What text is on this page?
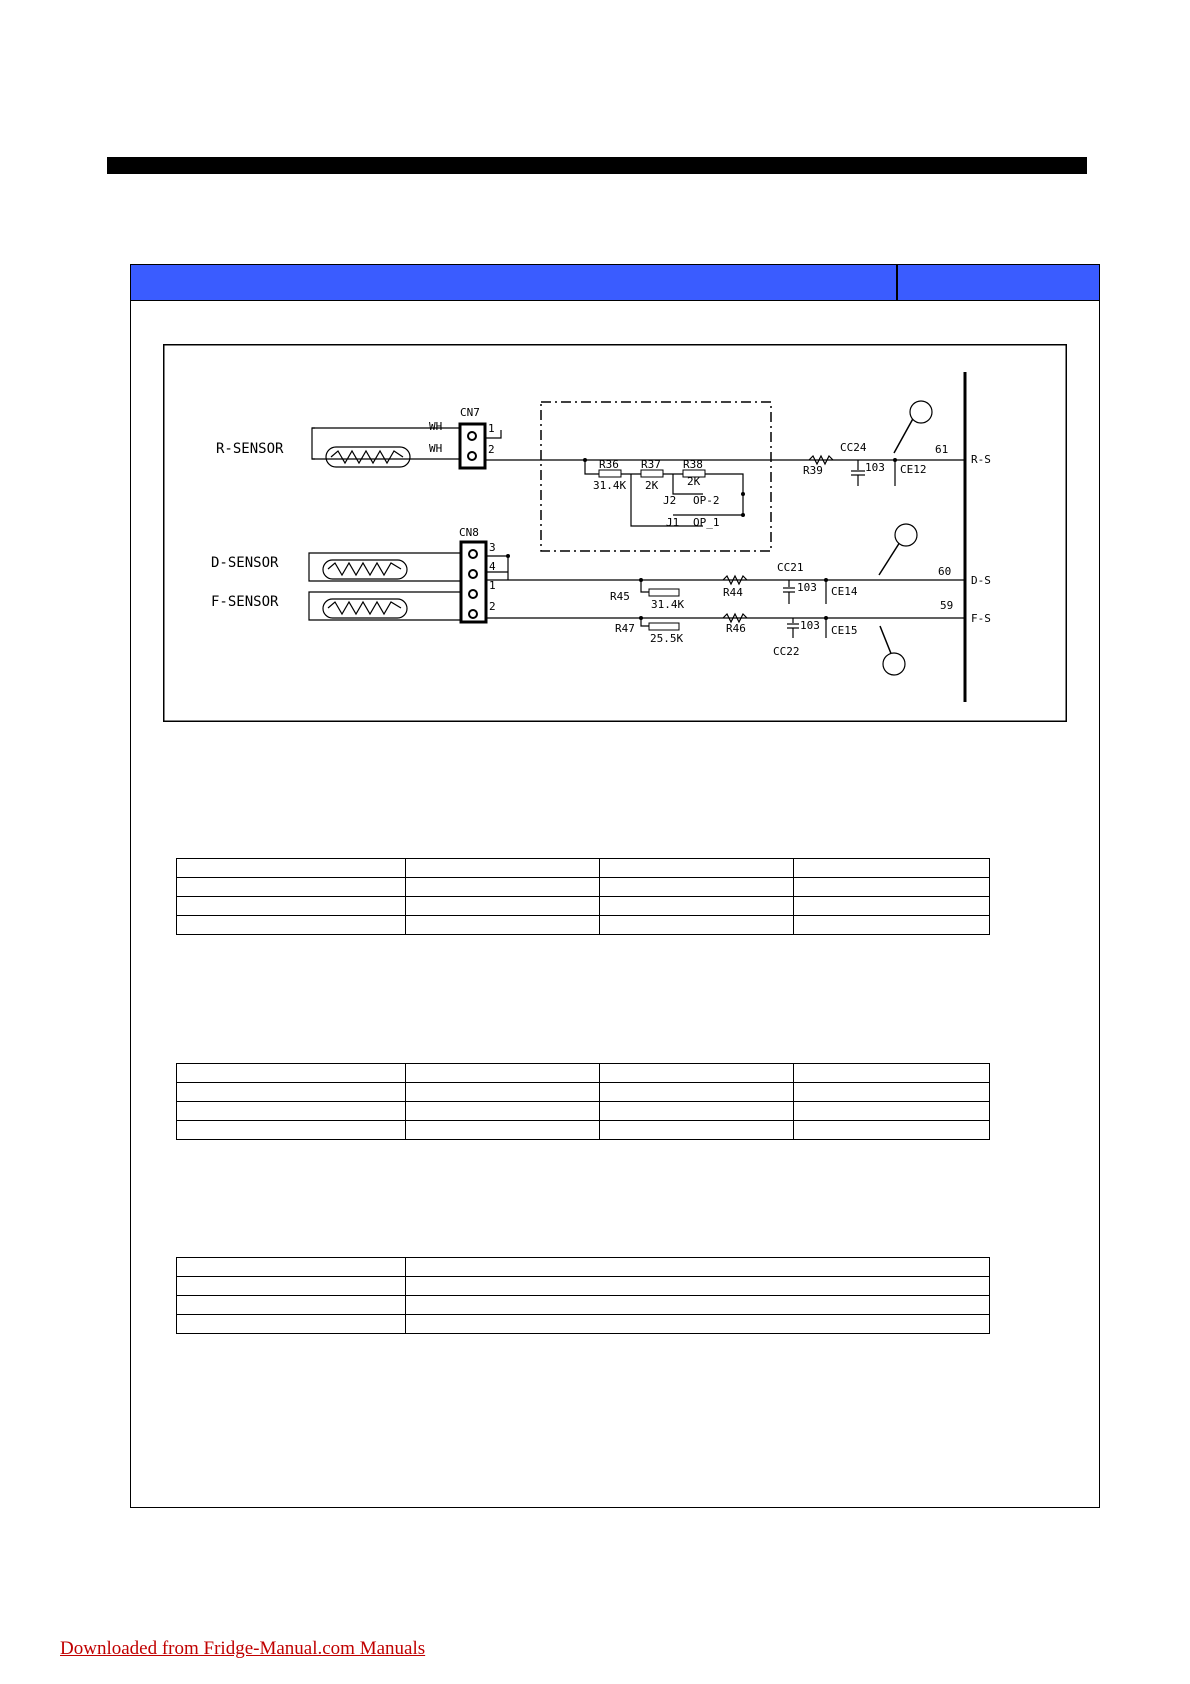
R-SENSOR
WH
WH
CN7
1
2
R36 R37 R38
31.4K 2K	2K
J2 OP-2
J1 OP_1
R39
CC24
103 CE12
61
R-S
D-SENSOR
F-SENSOR
CN8
3
4
1
2
R45
31.4K
R44
CC21
103 CE14
60
D-S
R47
25.5K
R46	103 CE15
CC22
59
F-S

Downloaded from Fridge-Manual.com Manuals
